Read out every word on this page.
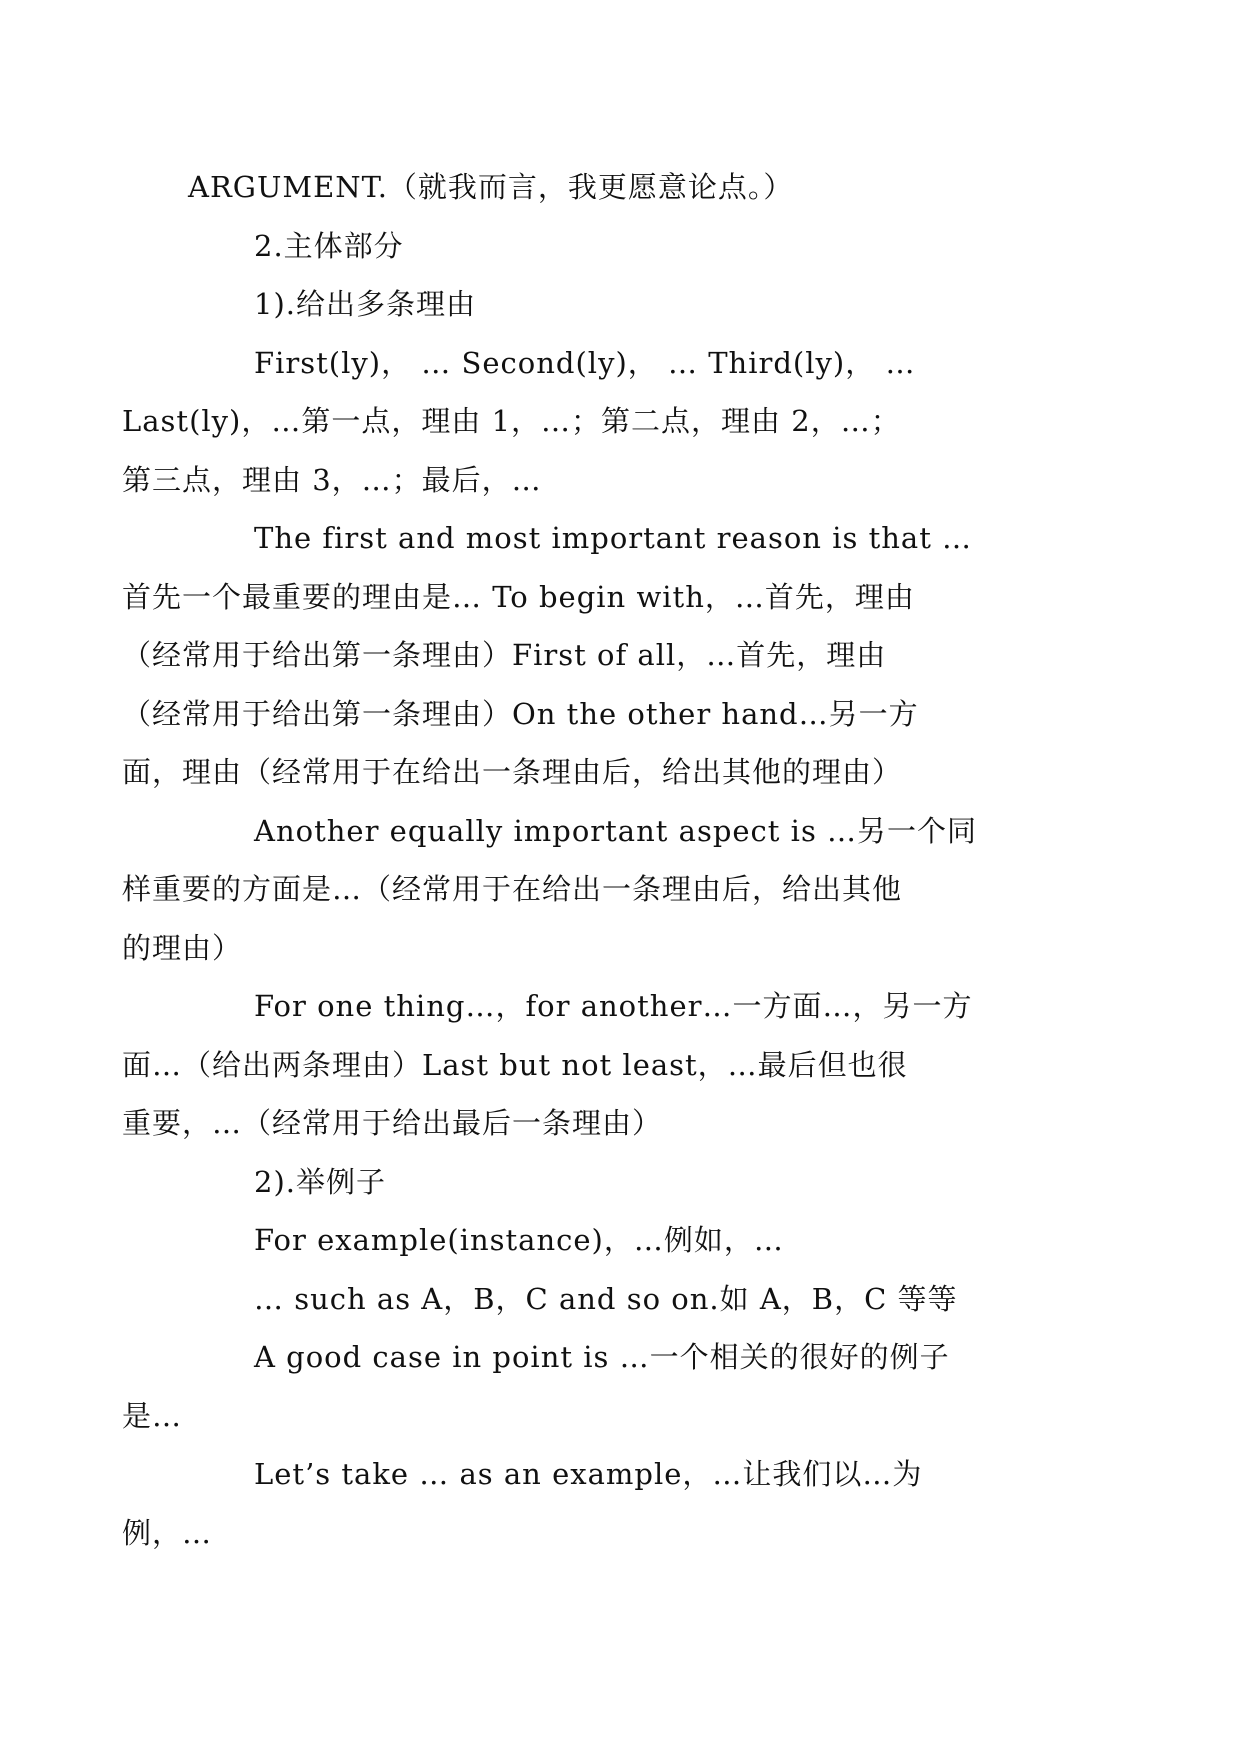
ARGUMENT.（就我而言，我更愿意论点。）

2.主体部分

1).给出多条理由

First(ly)， … Second(ly)， … Third(ly)， …
Last(ly)，…第一点，理由 1，…；第二点，理由 2，…；
第三点，理由 3，…；最后，…

The first and most important reason is that …
首先一个最重要的理由是… To begin with，…首先，理由
（经常用于给出第一条理由）First of all，…首先，理由
（经常用于给出第一条理由）On the other hand…另一方
面，理由（经常用于在给出一条理由后，给出其他的理由）

Another equally important aspect is …另一个同
样重要的方面是…（经常用于在给出一条理由后，给出其他
的理由）

For one thing…，for another…一方面…，另一方
面…（给出两条理由）Last but not least，…最后但也很
重要，…（经常用于给出最后一条理由）

2).举例子

For example(instance)，…例如，…

… such as A，B，C and so on.如 A，B，C 等等

A good case in point is …一个相关的很好的例子
是…

Let’s take … as an example，…让我们以…为
例，…
